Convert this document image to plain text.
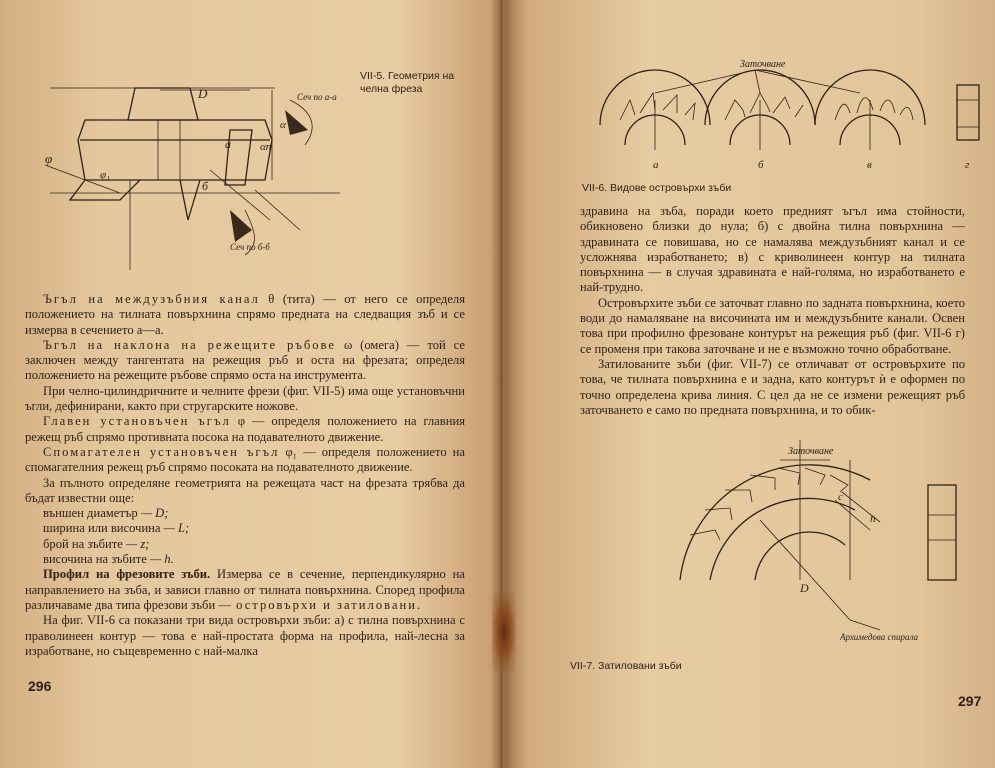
D	Сеч по а-а
Сеч по б-б
а
б
φ
φ₁
α
αn
VII-5. Геометрия на челна фреза

Ъгъл на междузъбния канал θ (тита) — от него се определя положението на тилната повърхнина спрямо предната на следващия зъб и се измерва в сечението а—а.

Ъгъл на наклона на режещите ръбове ω (омега) — той се заключен между тангентата на режещия ръб и оста на фрезата; определя положението на режещите ръбове спрямо оста на инструмента.

При челно-цилиндричните и челните фрези (фиг. VII-5) има още установъчни ъгли, дефинирани, както при стругарските ножове.

Главен установъчен ъгъл φ — определя положението на главния режещ ръб спрямо противната посока на подавателното движение.

Спомагателен установъчен ъгъл φ₁ — определя положението на спомагателния режещ ръб спрямо посоката на подавателното движение.

За пълното определяне геометрията на режещата част на фрезата трябва да бъдат известни още:

външен диаметър — D;

ширина или височина — L;

брой на зъбите — z;

височина на зъбите — h.

Профил на фрезовите зъби. Измерва се в сечение, перпендикулярно на направлението на зъба, и зависи главно от тилната повърхнина. Според профила различаваме два типа фрезови зъби — островърхи и затиловани.

На фиг. VII-6 са показани три вида островърхи зъби: а) с тилна повърхнина с праволинеен контур — това е най-простата форма на профила, най-лесна за изработване, но същевременно с най-малка

296
Заточване
а	б	в	г
VII-6. Видове островърхи зъби

здравина на зъба, поради което предният ъгъл има стойности, обикновено близки до нула; б) с двойна тилна повърхнина — здравината се повишава, но се намалява междузъбният канал и се усложнява изработването; в) с криволинеен контур на тилната повърхнина — в случая здравината е най-голяма, но изработването е най-трудно.

Островърхите зъби се заточват главно по задната повърхнина, което води до намаляване на височината им и междузъбните канали. Освен това при профилно фрезоване контурът на режещия ръб (фиг. VII-6 г) се променя при такова заточване и не е възможно точно обработване.

Затилованите зъби (фиг. VII-7) се отличават от островърхите по това, че тилната повърхнина е и задна, като контурът ѝ е оформен по точно определена крива линия. С цел да не се измени режещият ръб заточването е само по предната повърхнина, и то обик-

Заточване
c
h
D
Архимедова спирала
VII-7. Затиловани зъби
297
